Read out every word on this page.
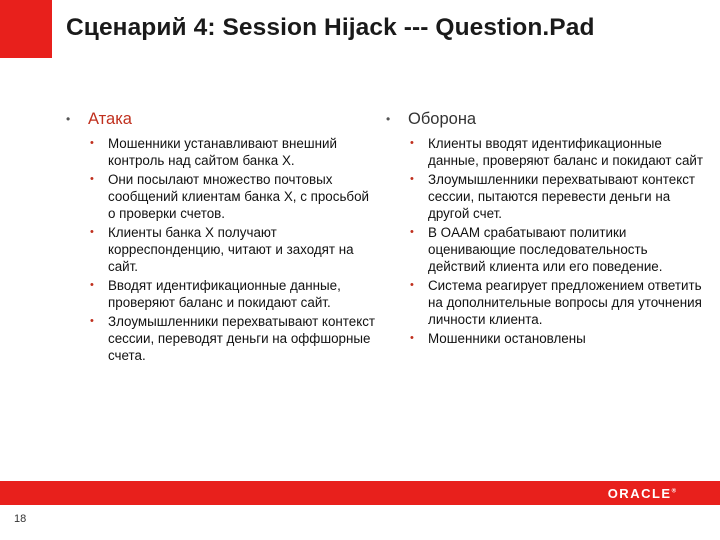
Сценарий 4: Session Hijack --- Question.Pad
• Атака
• Мошенники устанавливают внешний контроль над сайтом банка X.
• Они посылают множество почтовых сообщений клиентам банка X, с просьбой о проверки счетов.
• Клиенты банка X получают корреспонденцию, читают и заходят на сайт.
• Вводят идентификационные данные, проверяют баланс и покидают сайт.
• Злоумышленники перехватывают контекст сессии, переводят деньги на оффшорные счета.
• Оборона
• Клиенты вводят идентификационные данные, проверяют баланс и покидают сайт
• Злоумышленники перехватывают контекст сессии, пытаются перевести деньги на другой счет.
• В OAAM срабатывают политики оценивающие последовательность действий клиента или его поведение.
• Система реагирует предложением ответить на дополнительные вопросы для уточнения личности клиента.
• Мошенники остановлены
ORACLE®
18
